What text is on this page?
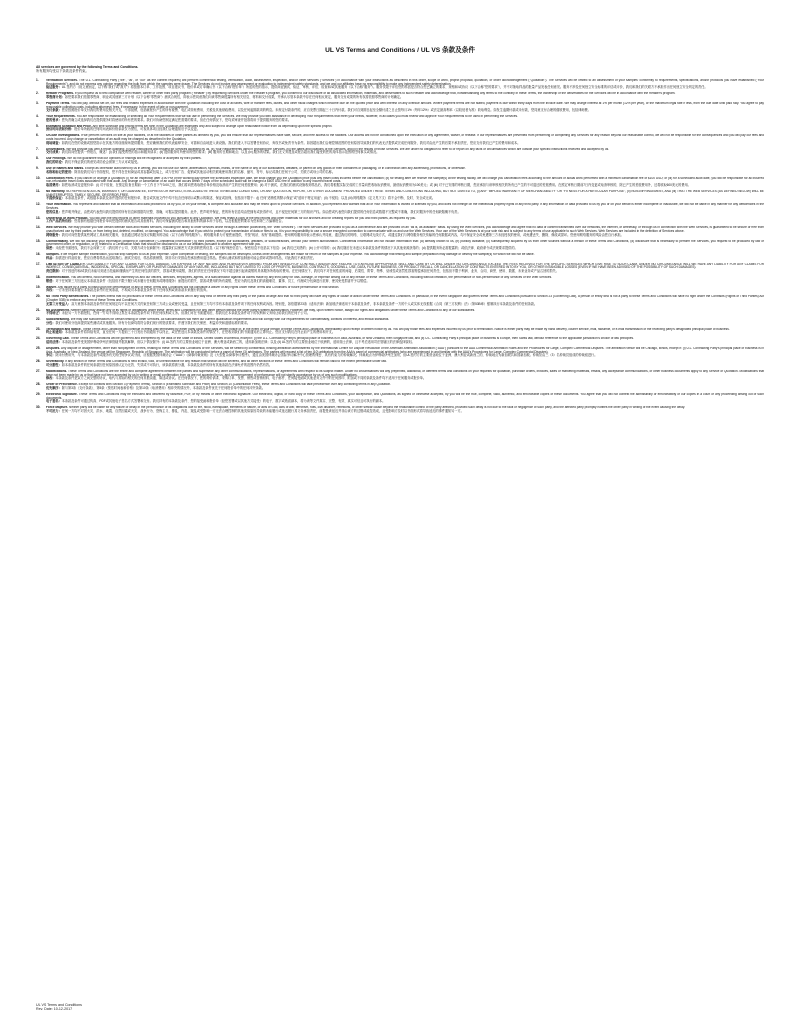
UL VS Terms and Conditions / UL VS 条款及条件
All services are governed by the following Terms and Conditions.
所有服务均受以下条款及条件约束。
1.	Verification Services. The U.L. Contracting Party ("we", "us", or "our" as the context requires) will perform commercial testing, verification, audit, assessment, inspection, and/or other services ("Services") in accordance with your instructions as described in this order, scope of work, project proposal, quotation, or order acknowledgement ("Quotation"). The Services will be limited to an assessment of your samples' conformity to requirements, specifications, and/or protocols you have established ("Your Requirements"), and do not express any opinion regarding the bulk from which the samples were drawn. The Services do not involve any assessment or evaluation to independent safety standards, and we and our affiliates have no responsibility to make any independent safety determination.
验证服务：UL 签约方（视文意而定，以下称"我们"或"我方"）将按照本订单、工作范围、项目建议书、报价单或订单确认书（以下合称"报价单"）所述的您的指示，提供商业测试、验证、审核、评估、检查和/或其他服务（以下合称"服务"）。服务仅限于评估您的样品是否符合您已确立的要求、规格和/或协议（以下合称"您的要求"），并不对抽取样品的批量产品发表任何意见。服务不涉及任何独立安全标准的评估或评价，我们和我们的关联方不承担作出任何独立安全判定的责任。
2.	Retailer Programs. If you request us to test compliance with retailer, career or other third party program ("Retailer") by requesting Services under the Retailer's program, you consent to our disclosure of all associated information, materials, and deliverables to such Retailer and acknowledge that, notwithstanding any terms to the contrary in these Terms, the ownership of the deliverables for the Services will be in accordance with the Retailer's program.
零售商计划：如您要求我们依据零售商、职业或其他第三方计划（以下合称"零售商"）测试合规性，即表示您同意我们向该零售商披露所有相关信息、材料和交付成果，并承认尽管本条款中存在任何相反规定，服务交付成果的所有权将依照零售商的计划确定。
3.	Payment Terms. You will pay, without set off, our fees and related expenses in accordance with the Quotation including the cost of all taxes, wire or transfer fees, duties, and other fiscal charges which become due on the quoted price and with interest on any overdue amount. Where payment terms are not stated, payment is due within thirty days from the invoice date. We may charge interest at 1% per month (12% per year), or the maximum legal rate if less, from the due date until paid fully. You agree to pay reasonable collection costs, including attorneys' fees, if necessary, in the event of late or non-payment.
支付条款：您应按照报价单支付我们的费用及相关开支，不得抵销，包括就报价产生的所有税费、电汇或转账费用、关税及其他财政费用，以及任何逾期款项的利息。未规定付款条件的，应自发票日期起三十日内付款。我们可自到期日起至全额付清之日止按每月1%（每年12%）或法定最高利率（以较低者为准）收取利息。如发生逾期付款或未付款，您同意支付合理的催收费用，包括律师费。
4.	Your Requirements. You are responsible for establishing or selecting all Your Requirements that we will use in performing the Services. We may provide you with assistance in developing Your Requirements that meet your needs, however, in all cases you must review and approve Your Requirements to be used in performing the Services.
您的要求：您负责确立或选择我们在提供服务时将使用的所有您的要求。我们可协助您制定满足您需要的要求，但在任何情况下，您均须审查并批准将用于提供服务的您的要求。
5.	Estimated Schedule and Price. Any time schedule and pricing terms set forth in the Quotation are estimates only and subject to change upon reasonable notice from us depending upon the specific project.
预估时间表和价格：报价单所载的任何时间表和价格条款仅为预估，可视具体项目经我们合理通知后予以变更。
6.	On-Site Investigations. If we perform Services on site at your facilities, or at the facilities of other parties as directed by you, you will ensure that our representatives have safe, secure, and free access to the facilities. Our access will not be conditioned upon the execution of any agreement, waiver, or release. If our representatives are prevented from performing or completing any Services for any reason beyond our reasonable control, we will not be responsible for the consequences and you will pay our fees and costs incurred. Any change or cancellation of an audit may be charged as described in the Quotation.
现场调查：如我们在您的设施或按您指示在其他方的设施现场提供服务，您应确保我们的代表能够安全、可靠和自由地进入该设施。我们的进入不以签署任何协议、弃权书或免责书为条件。如因超出我们合理控制范围的任何原因导致我们的代表无法提供或完成任何服务，我们对由此产生的后果不承担责任，您应支付我们已产生的费用和成本。
7.	Deliverables. We will provide you with a report outlining: (i) your instructions and request for Services accepted by us, (ii) Your Requirements used in providing the Services, (iii) the dates and locations of the Services, and (iv) the results of those Services. We are under no obligation to refer to or report on any facts or circumstances which are outside your specific instructions received and accepted by us.
交付成果：我们将向您提供一份报告，概述：(i) 我们接受的您的指示和服务请求；(ii) 提供服务时所使用的您的要求；(iii) 服务的日期和地点；以及 (iv) 服务的结果。我们无义务提及或报告超出我们接受的您的具体指示范围的任何事实或情况。
8.	Our Findings. We do not guarantee that our opinions or findings will be recognized or accepted by third parties.
我们的结论：我们不保证我们的意见或结论会被第三方认可或接受。
9.	Use of Names and Marks. Except as otherwise authorized by us in writing, you will not use our name, abbreviation, symbols, marks, or the name of any of our subsidiaries, affiliates, or parent on any goods or their containers or packaging, or in connection with any advertising, promotions, or otherwise.
名称和标记的使用：除非经我们另行书面授权，您不得在任何商品或其容器或包装上，或与任何广告、促销或其他活动相关联地使用我们的名称、缩写、符号、标记或我们任何子公司、关联方或母公司的名称。
10.	Cancellation Fees. If you cancel or change a Quotation: (i) for an inspection after 3:00 PM of the working day before the scheduled inspection date, we shall charge you the Quotation price plus any travel costs incurred before the cancellation; (ii) for testing after we receive the sample(s) at the testing facility, we will charge you cancellation fees according to the amount of actual work performed with a minimum cancellation fee of $100 USD; or (iii) for a scheduled audit date, you will be responsible for all incurred non-refundable travel costs associated with that audit. Any change or cancellation of an audit that occurs within 7 days of the scheduled audit will be charged a $600 USD fee in addition to any incurred travel costs.
取消费用：如您取消或变更报价单：(i) 对于检查，在预定检查日期前一个工作日下午3:00之后，我们将向您收取报价单价格及取消前产生的任何差旅费用；(ii) 对于测试，在我们的测试设施收到样品后，我们将根据实际完成的工作量向您收取取消费用，最低取消费用为100美元；或 (iii) 对于已安排的审核日期，您应承担与该审核相关的所有已产生的不可退还的差旅费用。在预定审核日期前7日内变更或取消审核的，除已产生的差旅费用外，还将收取600美元的费用。
11.	No Warranty. NO REPRESENTATION, WARRANTY, OR GUARANTEE, EXPRESS OR IMPLIED, IS INCLUDED IN THESE TERMS AND CONDITIONS, OR ANY QUOTATION, REPORT, OR OTHER DOCUMENT PROVIDED UNDER THESE TERMS AND CONDITIONS INCLUDING, BUT NOT LIMITED TO, (i) ANY "IMPLIED WARRANTY OF MERCHANTABILITY" OR "FITNESS FOR A PARTICULAR PURPOSE", (ii) NON-INFRINGEMENT, AND (iii) THAT THE WEB SERVICES (AS DEFINED BELOW) WILL BE UNINTERRUPTED, TIMELY, SECURE, OR ERROR-FREE.
不提供保证：本条款及条件，或根据本条款及条件提供的任何报价单、报告或其他文件中均不包含任何明示或默示的陈述、保证或担保，包括但不限于：(i) 任何"适销性的默示保证"或"适用于特定用途"；(ii) 不侵权；以及 (iii) 网络服务（定义见下文）将不会中断、及时、安全或无误。
12.	Your Information. You represent and warrant that all information and data provided to us by you, or on your behalf, is complete and accurate and may be relied upon to provide Services. In addition, you represent and warrant that all of Your Information is owned or licensed by you, and does not infringe on the intellectual property rights of any third party. If any information or data provided to us by you or on your behalf is either incomplete or inaccurate, we will not be liable in any manner for any deficiencies in the Services.
您的信息：您声明并保证，由您或代表您向我们提供的所有信息和数据均完整、准确，可据以提供服务。此外，您声明并保证，您的所有信息均由您拥有或获得许可，且不侵犯任何第三方的知识产权。如由您或代表您向我们提供的任何信息或数据不完整或不准确，我们对服务中的任何缺陷概不负责。
13.	Ownership of Work Product. You will own the test reports or other materials provided to you pursuant to any Quotation. We may retain a copy of the test reports and other materials for our archives and for creating reports for you and third parties, as required by you.
工作产品的所有权：您将拥有根据任何报价单向您提供的测试报告或其他材料。我们可保留测试报告和其他材料的副本用于存档，以及根据您的要求为您和第三方编制报告。
14.	Web Services. We may provide you with certain website tools and related services, including the ability to order services online through a website (collectively, the "Web Services"). The Web Services are provided to you as a convenience and are provided on an "as is, as available" basis. By using the Web Services, you acknowledge and agree that no data or content transmitted over our networks, the Internet, or wirelessly, or through us in connection with the Web Services, is guaranteed to be secure or free from unauthorized use by third parties, or from being lost, deleted, modified, or damaged. You acknowledge that if you wish to protect your transmission of data or files to us, it is your responsibility to use a secure encrypted connection to communicate with us and use the Web Services. Your use of the Web Services is at your sole risk and is subject to any terms of use applicable to such Web Services. Web Services are included in the definition of Services above.
网络服务：我们可向您提供某些网站工具和相关服务，包括通过网站在线订购服务的功能（以下合称"网络服务"）。网络服务系为方便您而提供，并按"现状、现有"基础提供。使用网络服务即表示您承认并同意，通过我们的网络、互联网或无线方式，或通过我们与网络服务相关传输的任何数据或内容，均不保证安全或免遭第三方未经授权的使用，或免遭丢失、删除、修改或损坏。您使用网络服务的风险由您自行承担。
15.	Confidentiality. We will not disclose your information obtained in confidence ("Confidential Information") to third parties, except our subsidiaries, affiliates, or subcontractors, without your written authorization. Confidential Information will not include information that: (a) already known to us, (b) publicly available, (c) subsequently acquired by us from other sources without a breach of these Terms and Conditions, (d) disclosure that is necessary to perform the Services, you request to be produced by law or government order, or regulation, or (f) related to a Certification Mark that should be disclosed to us or our affiliates pursuant to another agreement with you.
保密：未经您书面授权，我们不会向第三方（我们的子公司、关联方或分包商除外）披露我们以保密方式获得的您的信息（以下称"保密信息"）。保密信息不包括以下信息：(a) 我们已知悉的；(b) 公开可得的；(c) 我们随后在未违反本条款及条件的情况下从其他来源获得的；(d) 提供服务所必需披露的；或依法律、政府命令或法规要求提供的。
16.	Samples. If we require sample examination, you will ship samples to us at your expense. Upon completion of testing, the samples will be destroyed, unless other arrangements are made for return of the samples at your expense. You acknowledge that testing and sample preparation may damage or destroy the sample(s) for which we will not be liable.
样品：如需进行样品检查，您应自费将样品运送给我们。测试完成后，样品将被销毁，除非另行安排由您承担费用退还样品。您承认测试和样品制备可能会损坏或毁坏样品，对此我们不承担责任。
17.	LIMITATION OF LIABILITY. OUR LIABILITY FOR ANY CLAIMS FOR LOSS, DAMAGE, OR EXPENSE OF ANY NATURE AND HOWSOEVER ARISING FROM ANY BREACH OF CONTRACT AND/OR ANY FAILURE TO EXERCISE APPROPRIATE SKILL AND CARE BY US WILL UNDER NO CIRCUMSTANCE EXCEED THE FEES RECEIVED FOR THE SPECIFIC SERVICES WHICH GIVE RISE TO SUCH CLAIM. UNDER NO CIRCUMSTANCE WILL WE HAVE ANY LIABILITY FOR ANY CLAIMS FOR INDIRECT, CONSEQUENTIAL, INCIDENTAL, SPECIAL, EXEMPLARY, OR PUNITIVE DAMAGES OF ANY NATURE, INCLUDING BUT NOT LIMITED TO LOSS OF PROFITS, BUSINESS, CONTRACTS, GOODWILL, USE, DATA, FUTURE BUSINESS, OR PRODUCT RECALL, OR CANCELLATION OF CONTRACTS ENTERED INTO BY YOU, OR OTHER INTANGIBLE LOSSES (EVEN IF WE HAVE BEEN ADVISED OF THE POSSIBILITY OF SUCH DAMAGES).
责任限制：对于因违约和/或我们未能尽到适当技能和谨慎而产生的任何性质的损失、损害或费用索赔，我们的责任在任何情况下均不超过就引起该索赔的具体服务所收取的费用。在任何情况下，我们均不对任何性质的间接、后果性、附带、特殊、惩戒性或惩罚性损害赔偿承担任何责任，包括但不限于利润、业务、合同、商誉、使用、数据、未来业务或产品召回的损失。
18.	Indemnification. You will defend, hold harmless, and indemnify us and our officers, directors, employees, agents, or a subcontractor against all claims made by any third party for loss, damage, or expense arising out of any breach of these Terms and Conditions, including without limitation, the performance or non-performance of any Services or the Web Services.
赔偿：对于任何第三方因违反本条款及条件（包括但不限于履行或未履行任何服务或网络服务）而提出的损失、损害或费用的所有索赔，您应为我们及我们的高级职员、董事、员工、代理或分包商进行抗辩、使其免受损害并予以赔偿。
19.	Waiver. Any failure by a party to insist upon the performance of any of these Terms and Conditions will not constitute a waiver of any rights under these Terms and Conditions or future performance of that section.
弃权：一方未坚持要求履行本条款及条件的任何条款，不构成对本条款及条件项下任何权利或该条款未来履行的放弃。
20.	No Third Party Beneficiaries. The parties intend that no provisions of these Terms and Conditions will in any way bind or benefit any third party or the public at large and that no third party will have any rights or cause of action under these Terms and Conditions. In particular, in the event Singapore law governs these Terms and Conditions pursuant to Section 23 (Governing Law), a person or entity who is not a party to these Terms and Conditions will have no right under the Contracts (Rights of Third Parties) Act (Chapter 53B) to enforce any term of these Terms and Conditions.
无第三方受益人：双方意图本条款及条件的任何规定均不以任何方式约束任何第三方或公众或使其受益，且任何第三方均不享有本条款及条件项下的任何权利或诉因。特别是，如依据第23条（适用法律）新加坡法律适用于本条款及条件，非本条款及条件一方的个人或实体无权根据《合同（第三方权利）法》（第53B章）强制执行本条款及条件的任何条款。
21.	No Assignment. Neither party may assign any of its rights or obligations under these Terms and Conditions nor any other person without the other party's written authorization. However, we may, upon written notice, assign our rights and obligations under these Terms and Conditions to any of our subsidiaries.
不得转让：未经另一方书面授权，任何一方均不得转让其在本条款及条件项下的任何权利或义务。但我们可在书面通知后，将我们在本条款及条件项下的权利和义务转让给我们的任何子公司。
22.	Subcontracting. We may use subcontractors for certain testing or other Services. All subcontractors will meet our current qualification requirements and will comply with our requirements for confidentiality, conflicts of interest, and ethical standards.
分包：我们可使用分包商提供某些测试或其他服务。所有分包商均将符合我们现行的资质要求，并遵守我们有关保密、利益冲突和道德标准的要求。
23.	Termination and Notice. These Terms and Conditions will continue in effect until terminated by either party upon thirty days written notice or, in the event of your breach of these Terms and Conditions, immediately upon receipt of written notice by us. You will pay those fees and expenses incurred by us prior to termination. Notice is either party may be made by hand delivery, courier service, mail, facsimile, or e-mail transmission of the receiving party's designated principal place of business.
终止和通知：本条款及条件将持续有效，直至任何一方提前三十日发出书面通知予以终止，或在您违反本条款及条件的情况下，在您收到我们的书面通知后立即终止。您应支付我们在终止前产生的费用和开支。
24.	Governing Law. These Terms and Conditions will be governed and interpreted by the laws of the State of Illinois, United States of America, except if: (i) the U.L. Contracting Party's principal place of business is in Asia, Australia, or New Zealand, then Singapore law, and (ii) U.L. Contracting Party's principal place of business is Europe, then Swiss law, without reference to the applicable jurisdiction's choice of law principles.
适用法律：本条款及条件受美国伊利诺伊州法律管辖并据其解释，但以下情况除外：(i) UL签约方的主要营业地位于亚洲、澳大利亚或新西兰的，适用新加坡法律；以及 (ii) UL签约方的主要营业地位于欧洲的，适用瑞士法律，且不考虑适用司法管辖区的法律选择原则。
25.	Disputes. Any dispute or disagreement, other than nonpayment of fees, relating to these Terms and Conditions or the Services, will be settled by confidential, binding arbitration administered by the International Centre for Dispute Resolution of the American Arbitration Association ("AAA") pursuant to the AAA Commercial Arbitration Rules and the Procedures for Large, Complex Commercial Disputes. The arbitration venue will be Chicago, Illinois, except if: (i) U.L. Contracting Party's principal place of business is in Asia, Australia, or New Zealand, the venue will be Singapore, Republic of Singapore. The arbitration will be conducted before a panel of three (3) arbitrators. The parties will request a list of ten (10) arbitrators from the AAA's panel of commercial arbitrators (who are experienced in and familiar with the AAA's Procedures for Large, Complex Commercial Disputes).
争议：除未付费用外，与本条款及条件或服务有关的任何争议或分歧，应根据美国仲裁协会（"AAA"）《商事仲裁规则》及《大型复杂商事争议程序》，通过由美国仲裁协会国际争议解决中心管理的保密、具有约束力的仲裁解决。仲裁地点为伊利诺伊州芝加哥，但UL签约方的主要营业地位于亚洲、澳大利亚或新西兰的，仲裁地点为新加坡共和国新加坡。仲裁应由三（3）名仲裁员组成的仲裁庭进行。
26.	Severability. If any section of these Terms and Conditions is held invalid, void, or unenforceable for any reason that section will be severed, and all other sections of these Terms and Conditions will remain valid to the extent permissible under law.
可分割性：如本条款及条件的任何条款因任何原因被认定为无效、失效或不可执行，该条款将被分割，本条款及条件的所有其他条款在法律允许的范围内仍然有效。
27.	Modifications. These Terms and Conditions are the entire and complete agreement between the parties and supersede any other communications, representations, or agreements with respect to its subject matter. Under no circumstances will any preprinted, additional, or different terms and conditions on your requests for quotation, purchase orders, invoices, sales or marketing materials, emails, any acceptance communications, or other business documents apply to any Service or Quotation. Modifications that have not been made by us or that have not been accepted by us in writing or email confirmation from us are not accepted by us, and commencement of performance will not signify acceptance by us of any such modifications.
修改：本条款及条件是双方之间完整的协议，取代与其标的相关的任何其他沟通、陈述或协议。在任何情况下，您的询价请求、采购订单、发票、销售或营销材料、电子邮件、任何接受函或其他业务文件中的任何预印、附加或不同的条款及条件均不适用于任何服务或报价单。
28.	Order of Precedence. Except for conflicts with Section 3 (Payment Terms), Section 5 (Estimated Schedule and Price) and Section 10 (Cancellation Fees), these Terms and Conditions will take precedence over any conflicting terms in any Quotation.
优先顺序：除与第3条（支付条款）、第5条（预估时间表和价格）及第10条（取消费用）相冲突的情况外，本条款及条件优先于任何报价单中的任何冲突条款。
29.	Electronic Signature. These Terms and Conditions may be executed and delivered by facsimile, PDF, or by means of other electronic signature. Our electronic, digital, or hard copy of these Terms and Conditions, your acceptance, and Quotations, as signed or otherwise accepted, by you will be the true, complete, valid, authentic, and enforceable copies of these documents. You agree that you will not contest the admissibility or enforceability of our copies in a court or any proceeding arising out of such documents.
电子签名：本条款及条件可通过传真、PDF或其他电子签名方式签署和交付。我们持有的本条款及条件、您的接受函和报价单（经您签署或以其他方式接受）的电子、数字或纸质副本，将为该等文件真实、完整、有效、真实可信且可执行的副本。
30.	Force Majeure. Neither party will be liable for any failure or delay in the performance of its obligations due to fire, flood, earthquake, elements of nature, or acts of God, acts of war, terrorism, riots, civil disorder, rebellions, or other similar cause beyond the reasonable control of the party affected, provided such delay is not due to the fault or negligence of such party, and the affected party promptly notifies the other party in writing of the event causing the delay.
不可抗力：任何一方均不对因火灾、洪水、地震、自然因素或天灾、战争行为、恐怖主义、暴乱、内乱、叛乱或受影响一方无法合理控制的其他类似原因导致的未能履行或延迟履行其义务承担责任，前提是该延迟并非由该方的过错或疏忽造成，且受影响方及时以书面形式将导致延迟的事件通知另一方。
UL VS Terms and Conditions
Rev. Date: 10-12-2017
